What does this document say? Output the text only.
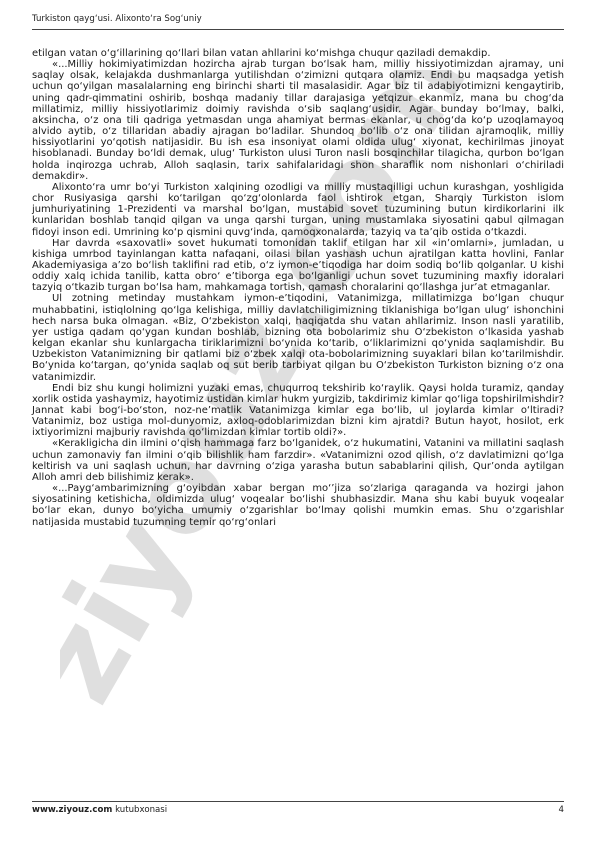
Turkiston qayg‘usi. Alixonto‘ra Sog‘uniy
ziyouz.com

etilgan vatan o‘g‘illarining qo‘llari bilan vatan ahllarini ko‘mishga chuqur qaziladi demakdip.

«...Milliy hokimiyatimizdan hozircha ajrab turgan bo‘lsak ham, milliy hissiyotimizdan ajramay, uni saqlay olsak, kelajakda dushmanlarga yutilishdan o‘zimizni qutqara olamiz. Endi bu maqsadga yetish uchun qo‘yilgan masalalarning eng birinchi sharti til masalasidir. Agar biz til adabiyotimizni kengaytirib, uning qadr-qimmatini oshirib, boshqa madaniy tillar darajasiga yetqizur ekanmiz, mana bu chog‘da millatimiz, milliy hissiyotlarimiz doimiy ravishda o‘sib saqlang‘usidir. Agar bunday bo‘lmay, balki, aksincha, o‘z ona tili qadriga yetmasdan unga ahamiyat bermas ekanlar, u chog‘da ko‘p uzoqlamayoq alvido aytib, o‘z tillaridan abadiy ajragan bo‘ladilar. Shundoq bo‘lib o‘z ona tilidan ajramoqlik, milliy hissiyotlarini yo‘qotish natijasidir. Bu ish esa insoniyat olami oldida ulug‘ xiyonat, kechirilmas jinoyat hisoblanadi. Bunday bo‘ldi demak, ulug‘ Turkiston ulusi Turon nasli bosqinchilar tilagicha, qurbon bo‘lgan holda inqirozga uchrab, Alloh saqlasin, tarix sahifalaridagi shon sharaflik nom nishonlari o‘chiriladi demakdir».

Alixonto‘ra umr bo‘yi Turkiston xalqining ozodligi va milliy mustaqilligi uchun kurashgan, yoshligida chor Rusiyasiga qarshi ko‘tarilgan qo‘zg‘olonlarda faol ishtirok etgan, Sharqiy Turkiston islom jumhuriyatining 1-Prezidenti va marshal bo‘lgan, mustabid sovet tuzumining butun kirdikorlarini ilk kunlaridan boshlab tanqid qilgan va unga qarshi turgan, uning mustamlaka siyosatini qabul qilmagan fidoyi inson edi. Umrining ko‘p qismini quvg‘inda, qamoqxonalarda, tazyiq va ta’qib ostida o‘tkazdi.

Har davrda «saxovatli» sovet hukumati tomonidan taklif etilgan har xil «in’omlarni», jumladan, u kishiga umrbod tayinlangan katta nafaqani, oilasi bilan yashash uchun ajratilgan katta hovlini, Fanlar Akademiyasiga a’zo bo‘lish taklifini rad etib, o‘z iymon-e’tiqodiga har doim sodiq bo‘lib qolganlar. U kishi oddiy xalq ichida tanilib, katta obro‘ e’tiborga ega bo‘lganligi uchun sovet tuzumining maxfiy idoralari tazyiq o‘tkazib turgan bo‘lsa ham, mahkamaga tortish, qamash choralarini qo‘llashga jur’at etmaganlar.

Ul zotning metinday mustahkam iymon-e’tiqodini, Vatanimizga, millatimizga bo‘lgan chuqur muhabbatini, istiqlolning qo‘lga kelishiga, milliy davlatchiligimizning tiklanishiga bo‘lgan ulug‘ ishonchini hech narsa buka olmagan. «Biz, O‘zbekiston xalqi, haqiqatda shu vatan ahllarimiz. Inson nasli yaratilib, yer ustiga qadam qo‘ygan kundan boshlab, bizning ota bobolarimiz shu O‘zbekiston o‘lkasida yashab kelgan ekanlar shu kunlargacha tiriklarimizni bo‘ynida ko‘tarib, o‘liklarimizni qo‘ynida saqlamishdir. Bu Uzbekiston Vatanimizning bir qatlami biz o‘zbek xalqi ota-bobolarimizning suyaklari bilan ko‘tarilmishdir. Bo‘ynida ko‘targan, qo‘ynida saqlab oq sut berib tarbiyat qilgan bu O‘zbekiston Turkiston bizning o‘z ona vatanimizdir.

Endi biz shu kungi holimizni yuzaki emas, chuqurroq tekshirib ko‘raylik. Qaysi holda turamiz, qanday xorlik ostida yashaymiz, hayotimiz ustidan kimlar hukm yurgizib, takdirimiz kimlar qo‘liga topshirilmishdir? Jannat kabi bog‘i-bo‘ston, noz-ne’matlik Vatanimizga kimlar ega bo‘lib, ul joylarda kimlar o‘ltiradi? Vatanimiz, boz ustiga mol-dunyomiz, axloq-odoblarimizdan bizni kim ajratdi? Butun hayot, hosilot, erk ixtiyorimizni majburiy ravishda qo‘limizdan kimlar tortib oldi?».

«Kerakligicha din ilmini o‘qish hammaga farz bo‘lganidek, o‘z hukumatini, Vatanini va millatini saqlash uchun zamonaviy fan ilmini o‘qib bilishlik ham farzdir». «Vatanimizni ozod qilish, o‘z davlatimizni qo‘lga keltirish va uni saqlash uchun, har davrning o‘ziga yarasha butun sabablarini qilish, Qur’onda aytilgan Alloh amri deb bilishimiz kerak».

«...Payg‘ambarimizning g‘oyibdan xabar bergan mo‘’jiza so‘zlariga qaraganda va hozirgi jahon siyosatining ketishicha, oldimizda ulug‘ voqealar bo‘lishi shubhasizdir. Mana shu kabi buyuk voqealar bo‘lar ekan, dunyo bo‘yicha umumiy o‘zgarishlar bo‘lmay qolishi mumkin emas. Shu o‘zgarishlar natijasida mustabid tuzumning temir qo‘rg‘onlari

www.ziyouz.com kutubxonasi	4
